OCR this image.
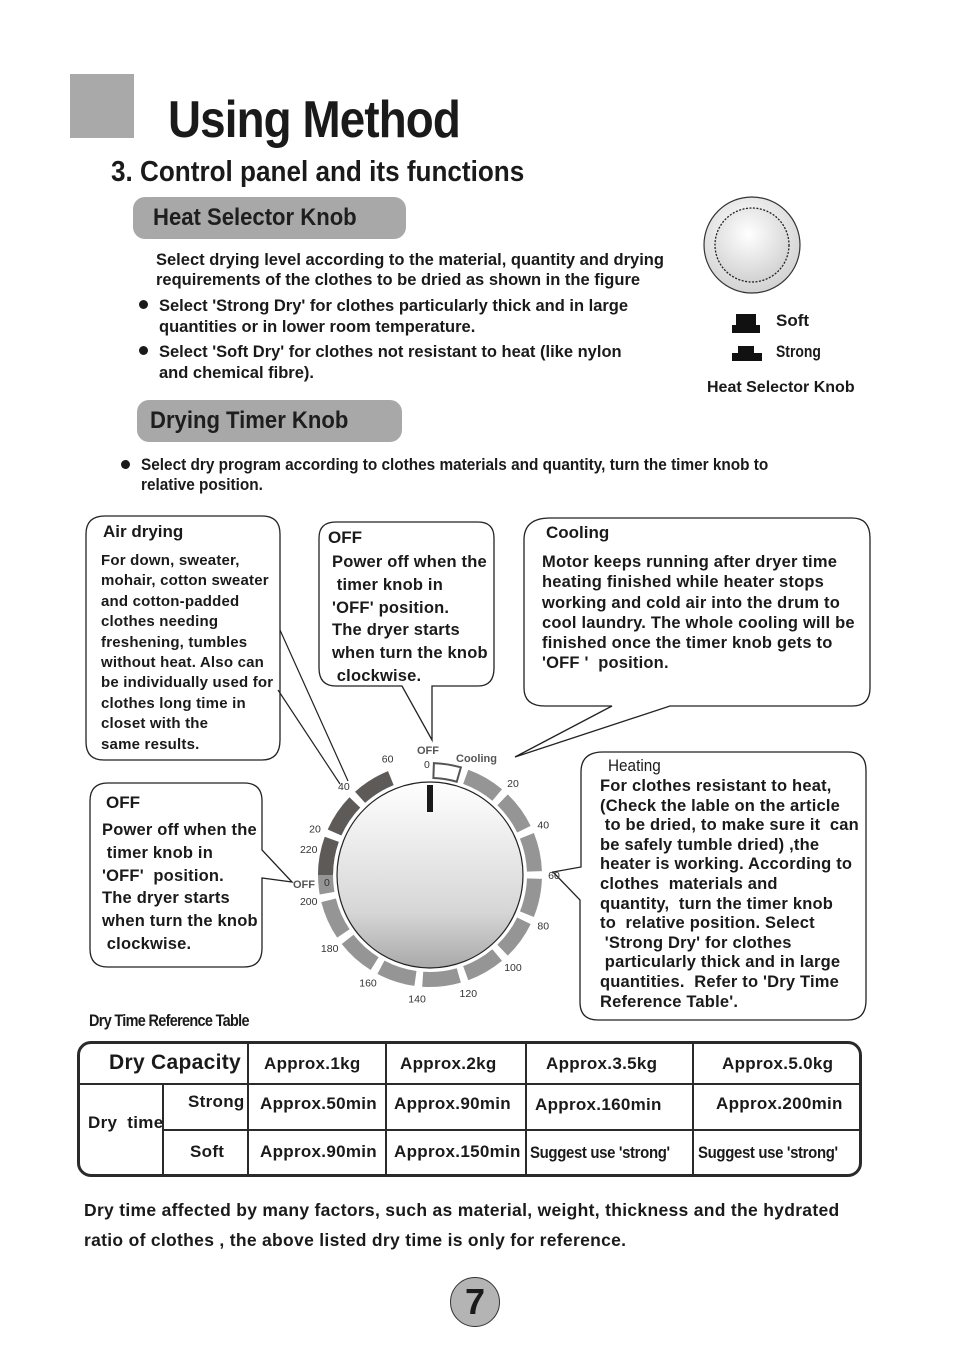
Using Method
3. Control panel and its functions
Heat Selector Knob
Select drying level according to the material, quantity and drying
requirements of the clothes to be dried as shown in the figure
Select 'Strong Dry' for clothes particularly thick and in large
quantities or in lower room temperature.
Select 'Soft Dry' for clothes not resistant to heat (like nylon
and chemical fibre).
Soft
Strong
Heat Selector Knob
Drying Timer Knob
Select dry program according to clothes materials and quantity, turn the timer knob to
relative position.
Air drying
For down, sweater,
mohair, cotton sweater
and cotton-padded
clothes needing
freshening, tumbles
without heat. Also can
be individually used for
clothes long time in
closet with the
same results.
OFF
Power off when the
timer knob in
'OFF' position.
The dryer starts
when turn the knob
clockwise.
Cooling
Motor keeps running after dryer time
heating finished while heater stops
working and cold air into the drum to
cool laundry. The whole cooling will be
finished once the timer knob gets to
'OFF '  position.
OFF
Power off when the
timer knob in
'OFF'  position.
The dryer starts
when turn the knob
clockwise.
Heating
For clothes resistant to heat,
(Check the lable on the article
to be dried, to make sure it  can
be safely tumble dried) ,the
heater is working. According to
clothes  materials and
quantity,  turn the timer knob
to  relative position. Select
'Strong Dry' for clothes
particularly thick and in large
quantities.  Refer to 'Dry Time
Reference Table'.
20
40
60
80
100
120
140
160
180
200
220
20
40
60
OFF
0 Cooling
OFF 0
Dry Time Reference Table
Dry Capacity Approx.1kg Approx.2kg	Approx.3.5kg	Approx.5.0kg
Dry  time
Strong Approx.50min Approx.90min Approx.160min	Approx.200min
Soft Approx.90min Approx.150min Suggest use 'strong' Suggest use 'strong'
Dry time affected by many factors, such as material, weight, thickness and the hydrated
ratio of clothes , the above listed dry time is only for reference.
7
